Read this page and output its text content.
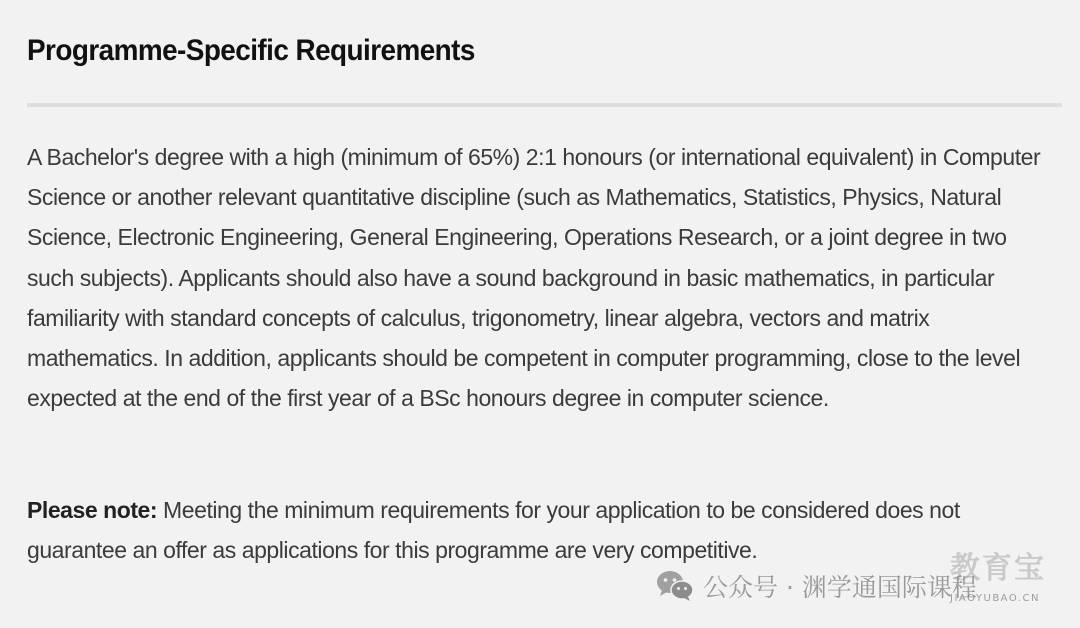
Programme-Specific Requirements

A Bachelor's degree with a high (minimum of 65%) 2:1 honours (or international equivalent) in Computer Science or another relevant quantitative discipline (such as Mathematics, Statistics, Physics, Natural Science, Electronic Engineering, General Engineering, Operations Research, or a joint degree in two such subjects). Applicants should also have a sound background in basic mathematics, in particular familiarity with standard concepts of calculus, trigonometry, linear algebra, vectors and matrix mathematics. In addition, applicants should be competent in computer programming, close to the level expected at the end of the first year of a BSc honours degree in computer science.

Please note: Meeting the minimum requirements for your application to be considered does not guarantee an offer as applications for this programme are very competitive.

公众号 · 渊学通国际课程
教育宝
JIAOYUBAO.CN
